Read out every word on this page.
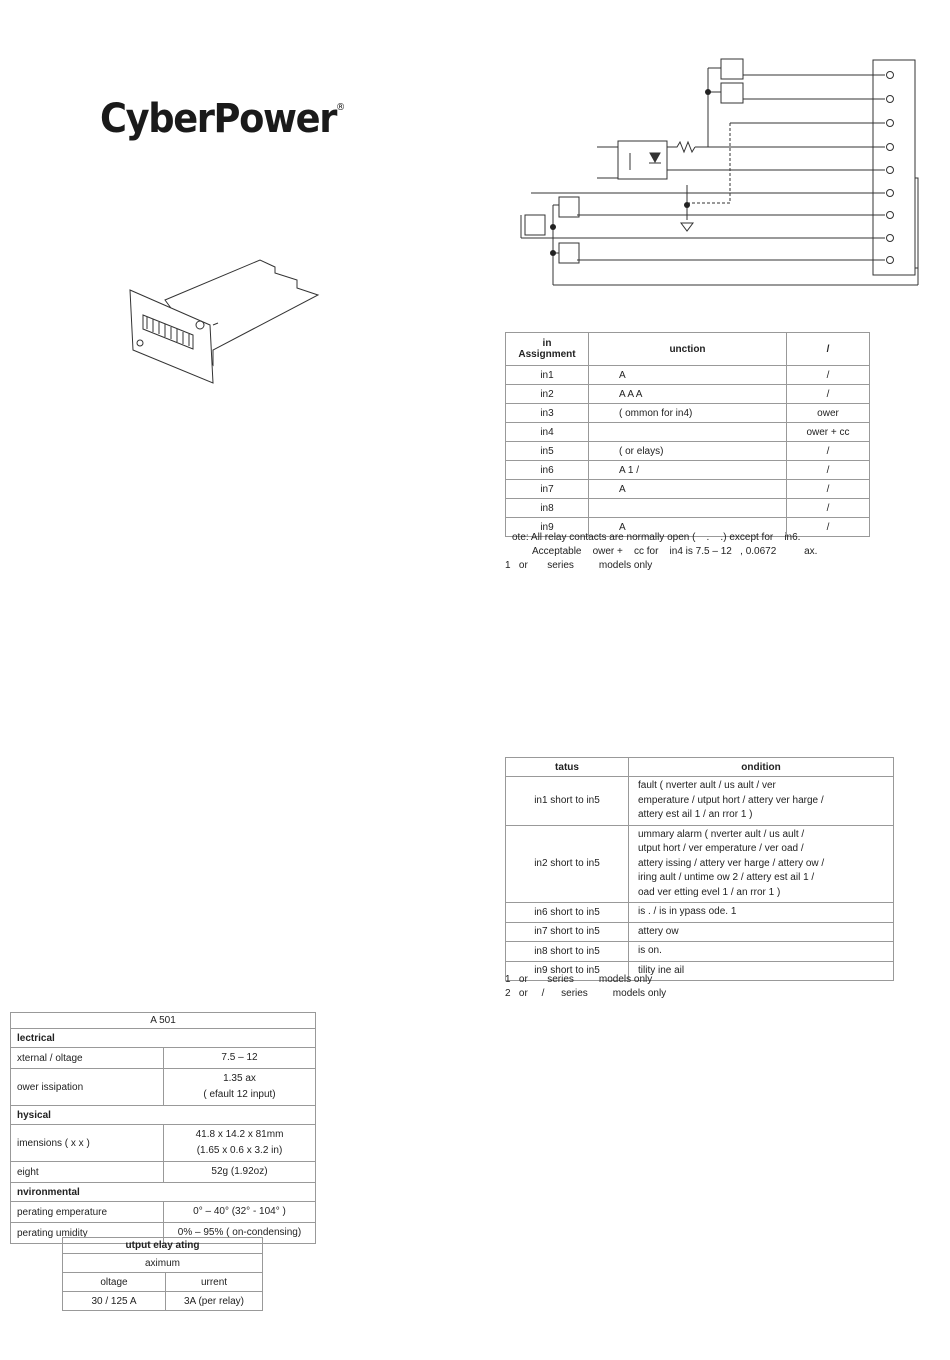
CyberPower®
in
Assignment	unction	/
in1	A	/
in2	A A A	/
in3	( ommon for in4)	ower
in4		ower + cc
in5	( or elays)	/
in6	A 1 /	/
in7	A	/
in8		/
in9	A	/
ote: All relay contacts are normally open (    .    .) except for    in6.
Acceptable    ower +    cc for    in4 is 7.5 – 12   , 0.0672          ax.
1   or       series         models only
tatus	ondition
in1 short to in5	fault ( nverter ault / us ault / ver
emperature / utput hort / attery ver harge /
attery est ail 1 / an rror 1 )
in2 short to in5	ummary alarm ( nverter ault / us ault /
utput hort / ver emperature / ver oad /
attery issing / attery ver harge / attery ow /
iring ault / untime ow 2 / attery est ail 1 /
oad ver etting evel 1 / an rror 1 )
in6 short to in5	is . / is in ypass ode. 1
in7 short to in5	attery ow
in8 short to in5	is on.
in9 short to in5	tility ine ail
1   or       series         models only
2   or     /      series         models only
A 501	
lectrical	
xternal / oltage	7.5 – 12
ower issipation	1.35 ax
( efault 12 input)
hysical	
imensions ( x x )	41.8 x 14.2 x 81mm
(1.65 x 0.6 x 3.2 in)
eight	52g (1.92oz)
nvironmental	
perating emperature	0° – 40° (32° - 104° )
perating umidity	0% – 95% ( on-condensing)
utput elay ating	
aximum	
oltage	urrent
30 / 125 A	3A (per relay)
